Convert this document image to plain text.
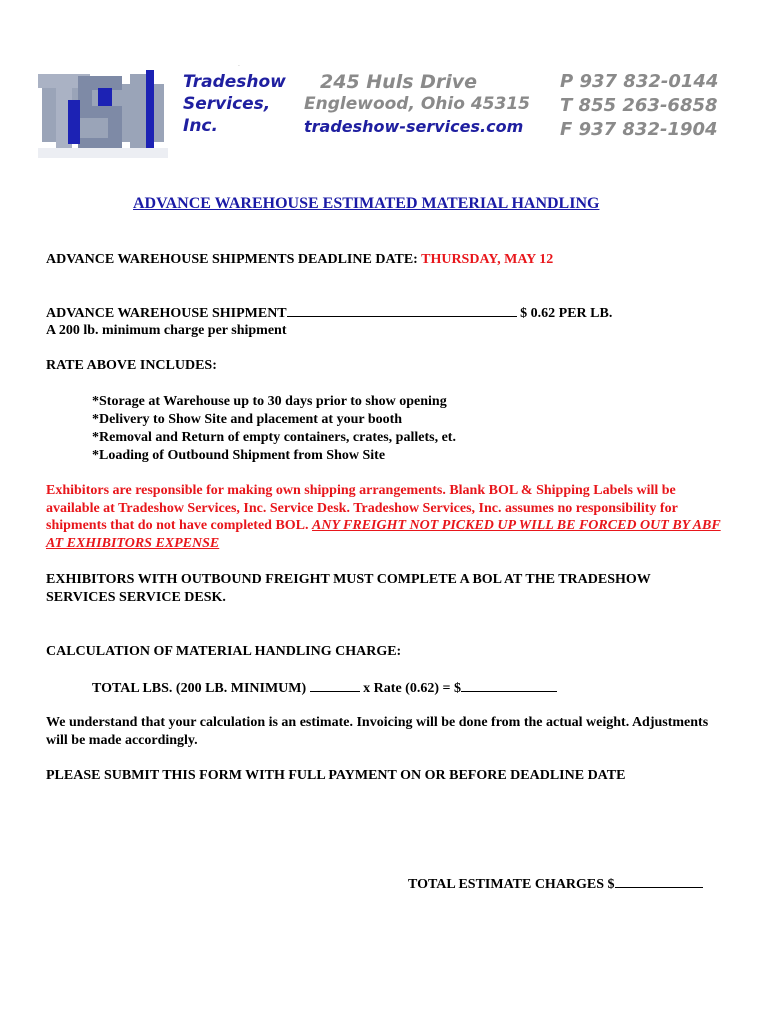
TSI
Tradeshow
Services,
Inc.
245 Huls Drive
Englewood, Ohio 45315
tradeshow-services.com
P 937 832-0144
T 855 263-6858
F 937 832-1904
ADVANCE WAREHOUSE ESTIMATED MATERIAL HANDLING
ADVANCE WAREHOUSE SHIPMENTS DEADLINE DATE: THURSDAY, MAY 12
ADVANCE WAREHOUSE SHIPMENT	$ 0.62 PER LB.
A 200 lb. minimum charge per shipment
RATE ABOVE INCLUDES:
*Storage at Warehouse up to 30 days prior to show opening
*Delivery to Show Site and placement at your booth
*Removal and Return of empty containers, crates, pallets, et.
*Loading of Outbound Shipment from Show Site
Exhibitors are responsible for making own shipping arrangements. Blank BOL & Shipping Labels will be available at Tradeshow Services, Inc. Service Desk. Tradeshow Services, Inc. assumes no responsibility for shipments that do not have completed BOL. ANY FREIGHT NOT PICKED UP WILL BE FORCED OUT BY ABF AT EXHIBITORS EXPENSE
EXHIBITORS WITH OUTBOUND FREIGHT MUST COMPLETE A BOL AT THE TRADESHOW SERVICES SERVICE DESK.
CALCULATION OF MATERIAL HANDLING CHARGE:
TOTAL LBS. (200 LB. MINIMUM)	x Rate (0.62) = $
We understand that your calculation is an estimate. Invoicing will be done from the actual weight. Adjustments will be made accordingly.
PLEASE SUBMIT THIS FORM WITH FULL PAYMENT ON OR BEFORE DEADLINE DATE
TOTAL ESTIMATE CHARGES $
